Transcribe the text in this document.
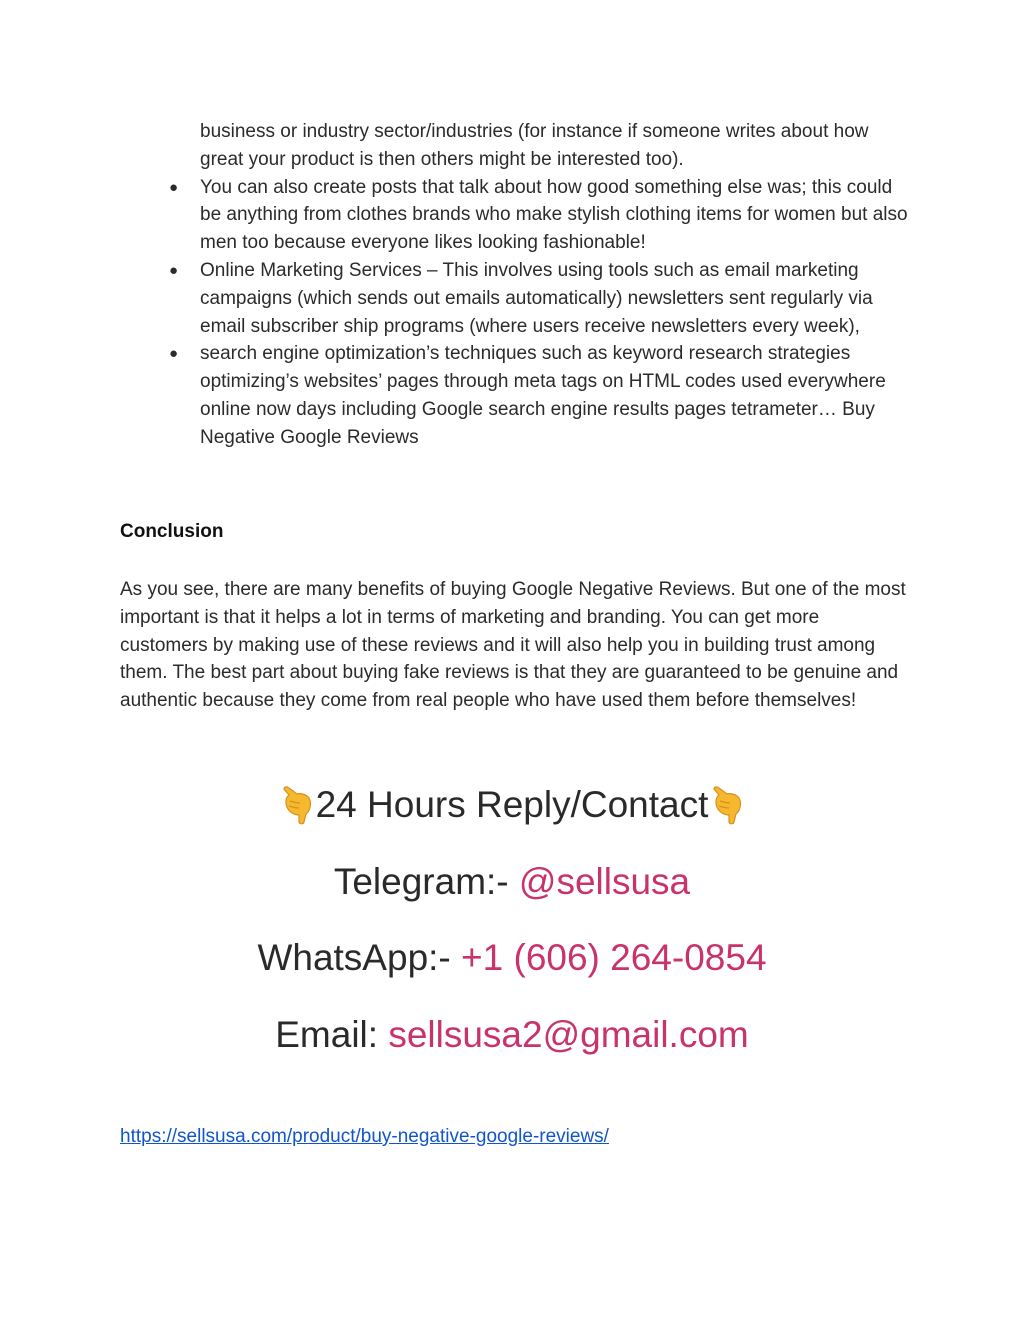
business or industry sector/industries (for instance if someone writes about how great your product is then others might be interested too).
● You can also create posts that talk about how good something else was; this could be anything from clothes brands who make stylish clothing items for women but also men too because everyone likes looking fashionable!
● Online Marketing Services – This involves using tools such as email marketing campaigns (which sends out emails automatically) newsletters sent regularly via email subscriber ship programs (where users receive newsletters every week),
● search engine optimization’s techniques such as keyword research strategies optimizing’s websites’ pages through meta tags on HTML codes used everywhere online now days including Google search engine results pages tetrameter… Buy Negative Google Reviews
Conclusion

As you see, there are many benefits of buying Google Negative Reviews. But one of the most important is that it helps a lot in terms of marketing and branding. You can get more customers by making use of these reviews and it will also help you in building trust among them. The best part about buying fake reviews is that they are guaranteed to be genuine and authentic because they come from real people who have used them before themselves!

24 Hours Reply/Contact
Telegram:- @sellsusa
WhatsApp:- +1 (606) 264-0854
Email: sellsusa2@gmail.com
https://sellsusa.com/product/buy-negative-google-reviews/
